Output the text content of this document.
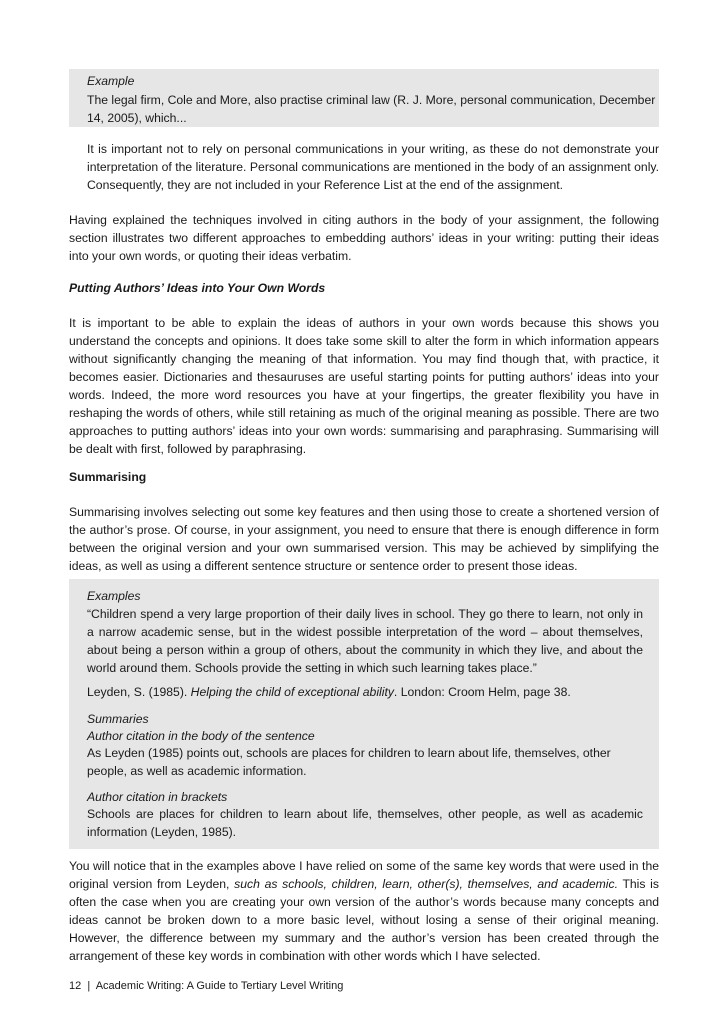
Example
The legal firm, Cole and More, also practise criminal law (R. J. More, personal communication, December
14, 2005), which...

It is important not to rely on personal communications in your writing, as these do not demonstrate your interpretation of the literature. Personal communications are mentioned in the body of an assignment only. Consequently, they are not included in your Reference List at the end of the assignment.

Having explained the techniques involved in citing authors in the body of your assignment, the following section illustrates two different approaches to embedding authors’ ideas in your writing: putting their ideas into your own words, or quoting their ideas verbatim.

Putting Authors’ Ideas into Your Own Words

It is important to be able to explain the ideas of authors in your own words because this shows you understand the concepts and opinions. It does take some skill to alter the form in which information appears without significantly changing the meaning of that information. You may find though that, with practice, it becomes easier. Dictionaries and thesauruses are useful starting points for putting authors’ ideas into your words. Indeed, the more word resources you have at your fingertips, the greater flexibility you have in reshaping the words of others, while still retaining as much of the original meaning as possible. There are two approaches to putting authors’ ideas into your own words: summarising and paraphrasing. Summarising will be dealt with first, followed by paraphrasing.

Summarising

Summarising involves selecting out some key features and then using those to create a shortened version of the author’s prose. Of course, in your assignment, you need to ensure that there is enough difference in form between the original version and your own summarised version. This may be achieved by simplifying the ideas, as well as using a different sentence structure or sentence order to present those ideas.

Examples

“Children spend a very large proportion of their daily lives in school. They go there to learn, not only in a narrow academic sense, but in the widest possible interpretation of the word – about themselves, about being a person within a group of others, about the community in which they live, and about the world around them. Schools provide the setting in which such learning takes place.”

Leyden, S. (1985). Helping the child of exceptional ability. London: Croom Helm, page 38.
Summaries
Author citation in the body of the sentence

As Leyden (1985) points out, schools are places for children to learn about life, themselves, other people, as well as academic information.

Author citation in brackets

Schools are places for children to learn about life, themselves, other people, as well as academic information (Leyden, 1985).

You will notice that in the examples above I have relied on some of the same key words that were used in the original version from Leyden, such as schools, children, learn, other(s), themselves, and academic. This is often the case when you are creating your own version of the author’s words because many concepts and ideas cannot be broken down to a more basic level, without losing a sense of their original meaning. However, the difference between my summary and the author’s version has been created through the arrangement of these key words in combination with other words which I have selected.

12  |  Academic Writing: A Guide to Tertiary Level Writing
